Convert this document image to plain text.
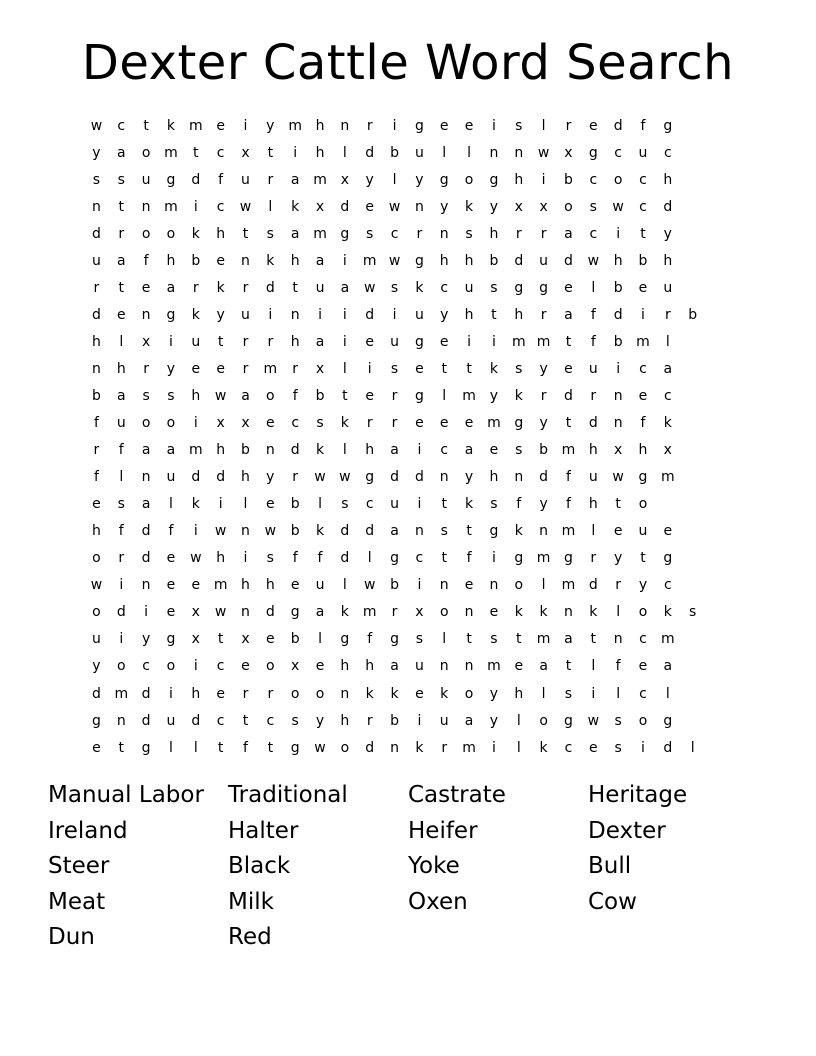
Dexter Cattle Word Search
w	c	t	k m e	i	y m h	n	r	i	g	e	e	i	s	l	r	e	d	f	g
y	a	o m	t	c	x	t	i	h	l	d	b	u	l	l	n	n	w	x	g	c	u	c
s	s	u	g	d	f	u	r	a m x	y	l	y	g	o	g	h	i	b	c	o	c	h
n	t	n m	i	c	w	l	k	x	d	e	w	n	y	k	y	x	x	o	s	w	c	d
d	r	o	o	k	h	t	s	a m g	s	c	r	n	s	h	r	r	a	c	i	t	y
u	a	f	h	b	e	n	k	h	a	i	m w	g	h	h	b	d	u	d	w	h	b	h
r	t	e	a	r	k	r	d	t	u	a	w	s	k	c	u	s	g	g	e	l	b	e	u
d	e	n	g	k	y	u	i	n	i	i	d	i	u	y	h	t	h	r	a	f	d	i	r	b
h	l	x	i	u	t	r	r	h	a	i	e	u	g	e	i	i	m m	t	f	b m	l
n	h	r	y	e	e	r	m	r	x	l	i	s	e	t	t	k	s	y	e	u	i	c	a
b	a	s	s	h	w	a	o	f	b	t	e	r	g	l	m y	k	r	d	r	n	e	c
f	u	o	o	i	x	x	e	c	s	k	r	r	e	e	e m g	y	t	d	n	f	k
r	f	a	a m h	b	n	d	k	l	h	a	i	c	a	e	s	b m h	x	h	x
f	l	n	u	d	d	h	y	r	w w	g	d	d	n	y	h	n	d	f	u	w	g m
e	s	a	l	k	i	l	e	b	l	s	c	u	i	t	k	s	f	y	f	h	t	o
h	f	d	f	i	w	n	w	b	k	d	d	a	n	s	t	g	k	n m	l	e	u	e
o	r	d	e	w	h	i	s	f	f	d	l	g	c	t	f	i	g m g	r	y	t	g
w	i	n	e	e m h	h	e	u	l	w	b	i	n	e	n	o	l	m d	r	y	c
o	d	i	e	x	w	n	d	g	a	k m	r	x	o	n	e	k	k	n	k	l	o	k	s
u	i	y	g	x	t	x	e	b	l	g	f	g	s	l	t	s	t	m a	t	n	c	m
y	o	c	o	i	c	e	o	x	e	h	h	a	u	n	n m e	a	t	l	f	e	a
d m d	i	h	e	r	r	o	o	n	k	k	e	k	o	y	h	l	s	i	l	c	l
g	n	d	u	d	c	t	c	s	y	h	r	b	i	u	a	y	l	o	g	w	s	o	g
e	t	g	l	l	t	f	t	g	w	o	d	n	k	r	m	i	l	k	c	e	s	i	d	l
Manual Labor	Traditional	Castrate	Heritage
Ireland	Halter	Heifer	Dexter
Steer	Black	Yoke	Bull
Meat	Milk	Oxen	Cow
Dun	Red
